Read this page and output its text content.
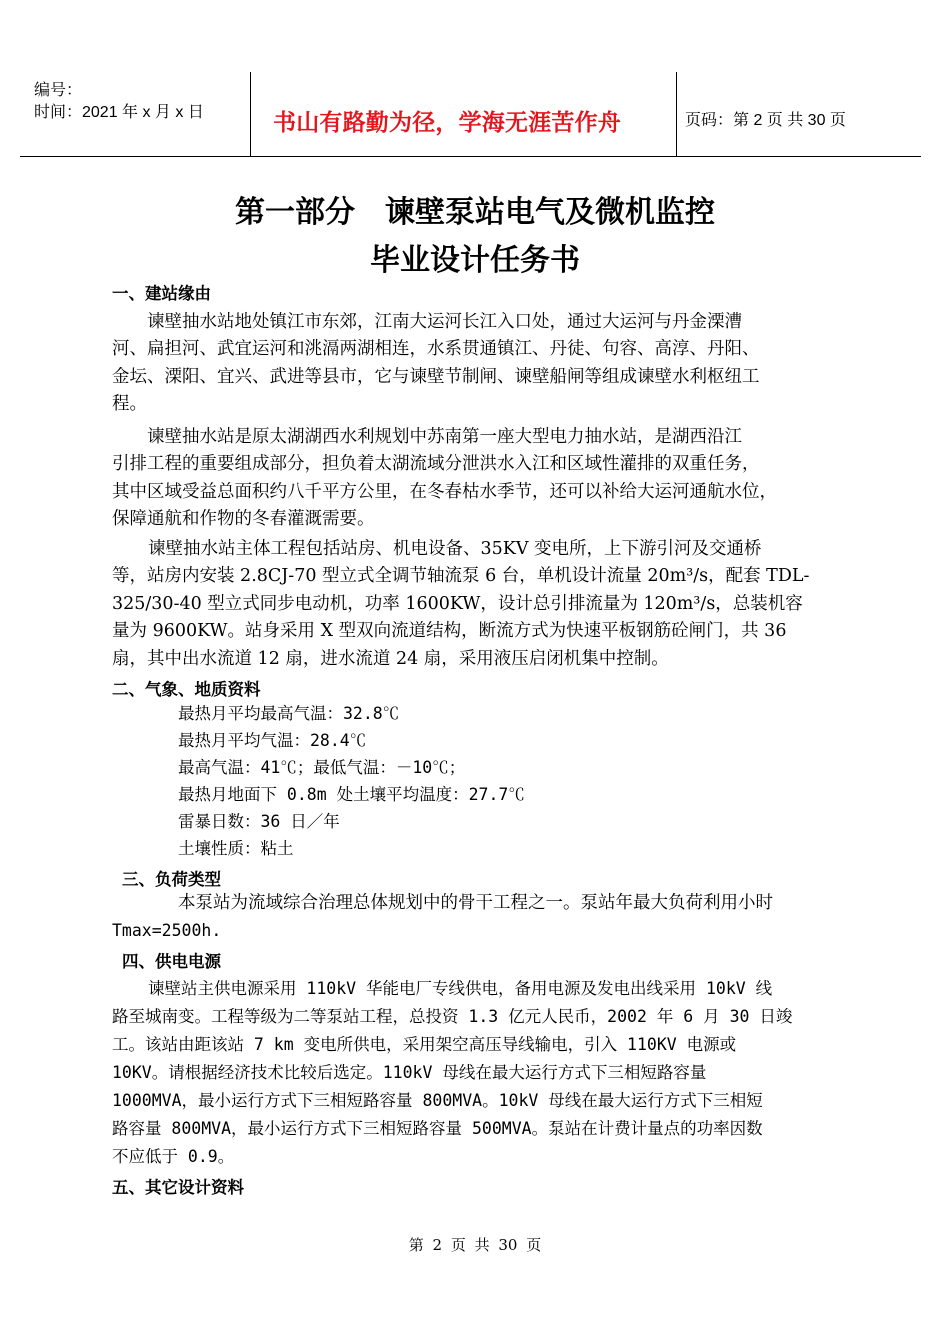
编号：
时间：2021 年 x 月 x 日	书山有路勤为径，学海无涯苦作舟	页码：第 2 页 共 30 页
第一部分　谏壁泵站电气及微机监控
毕业设计任务书
一、建站缘由
　　谏壁抽水站地处镇江市东郊，江南大运河长江入口处，通过大运河与丹金溧漕
河、扁担河、武宜运河和洮滆两湖相连，水系贯通镇江、丹徒、句容、高淳、丹阳、
金坛、溧阳、宜兴、武进等县市，它与谏壁节制闸、谏壁船闸等组成谏壁水利枢纽工
程。
　　谏壁抽水站是原太湖湖西水利规划中苏南第一座大型电力抽水站，是湖西沿江
引排工程的重要组成部分，担负着太湖流域分泄洪水入江和区域性灌排的双重任务，
其中区域受益总面积约八千平方公里，在冬春枯水季节，还可以补给大运河通航水位，
保障通航和作物的冬春灌溉需要。
谏壁抽水站主体工程包括站房、机电设备、35KV 变电所，上下游引河及交通桥
等，站房内安装 2.8CJ-70 型立式全调节轴流泵 6 台，单机设计流量 20m³/s，配套 TDL-
325/30-40 型立式同步电动机，功率 1600KW，设计总引排流量为 120m³/s，总装机容
量为 9600KW。站身采用 X 型双向流道结构，断流方式为快速平板钢筋砼闸门，共 36
扇，其中出水流道 12 扇，进水流道 24 扇，采用液压启闭机集中控制。
二、气象、地质资料
最热月平均最高气温：32.8℃
最热月平均气温：28.4℃
最高气温：41℃；最低气温：－10℃；
最热月地面下 0.8m 处土壤平均温度：27.7℃
雷暴日数：36 日／年
土壤性质：粘土
三、负荷类型
本泵站为流域综合治理总体规划中的骨干工程之一。泵站年最大负荷利用小时
Tmax=2500h.
四、供电电源
谏壁站主供电源采用 110kV 华能电厂专线供电，备用电源及发电出线采用 10kV 线
路至城南变。工程等级为二等泵站工程，总投资 1.3 亿元人民币，2002 年 6 月 30 日竣
工。该站由距该站 7 km 变电所供电，采用架空高压导线输电，引入 110KV 电源或
10KV。请根据经济技术比较后选定。110kV 母线在最大运行方式下三相短路容量
1000MVA，最小运行方式下三相短路容量 800MVA。10kV 母线在最大运行方式下三相短
路容量 800MVA，最小运行方式下三相短路容量 500MVA。泵站在计费计量点的功率因数
不应低于 0.9。
五、其它设计资料
第 2 页 共 30 页
